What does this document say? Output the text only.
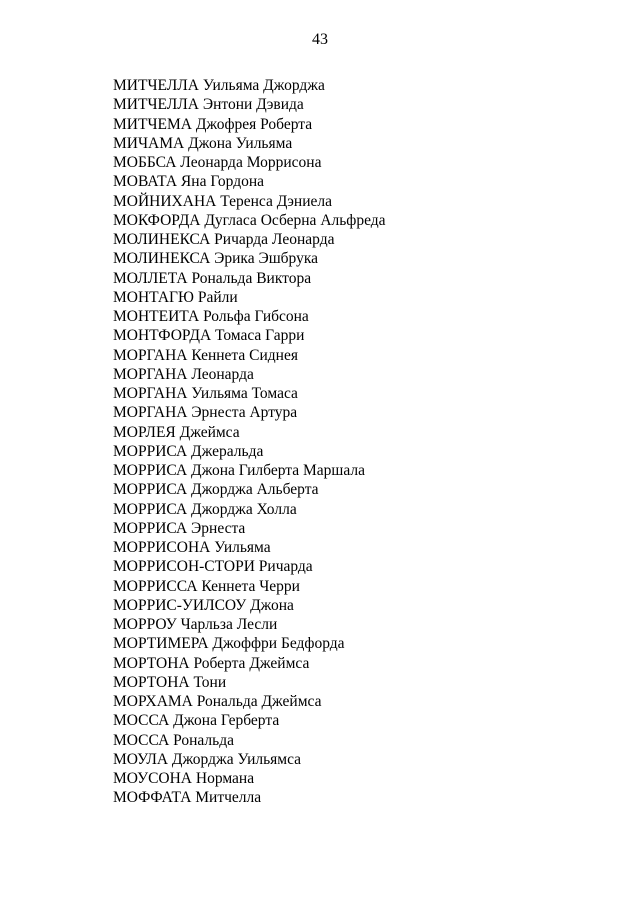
43
МИТЧЕЛЛА Уильяма Джорджа
МИТЧЕЛЛА Энтони Дэвида
МИТЧЕМА Джофрея Роберта
МИЧАМА Джона Уильяма
МОББСА Леонарда Моррисона
МОВАТА Яна Гордона
МОЙНИХАНА Теренса Дэниела
МОКФОРДА Дугласа Осберна Альфреда
МОЛИНЕКСА Ричарда Леонарда
МОЛИНЕКСА Эрика Эшбрука
МОЛЛЕТА Рональда Виктора
МОНТАГЮ Райли
МОНТЕИТА Рольфа Гибсона
МОНТФОРДА Томаса Гарри
МОРГАНА Кеннета Сиднея
МОРГАНА Леонарда
МОРГАНА Уильяма Томаса
МОРГАНА Эрнеста Артура
МОРЛЕЯ Джеймса
МОРРИСА Джеральда
МОРРИСА Джона Гилберта Маршала
МОРРИСА Джорджа Альберта
МОРРИСА Джорджа Холла
МОРРИСА Эрнеста
МОРРИСОНА Уильяма
МОРРИСОН-СТОРИ Ричарда
МОРРИССА Кеннета Черри
МОРРИС-УИЛСОУ Джона
МОРРОУ Чарльза Лесли
МОРТИМЕРА Джоффри Бедфорда
МОРТОНА Роберта Джеймса
МОРТОНА Тони
МОРХАМА Рональда Джеймса
МОССА Джона Герберта
МОССА Рональда
МОУЛА Джорджа Уильямса
МОУСОНА Нормана
МОФФАТА Митчелла
